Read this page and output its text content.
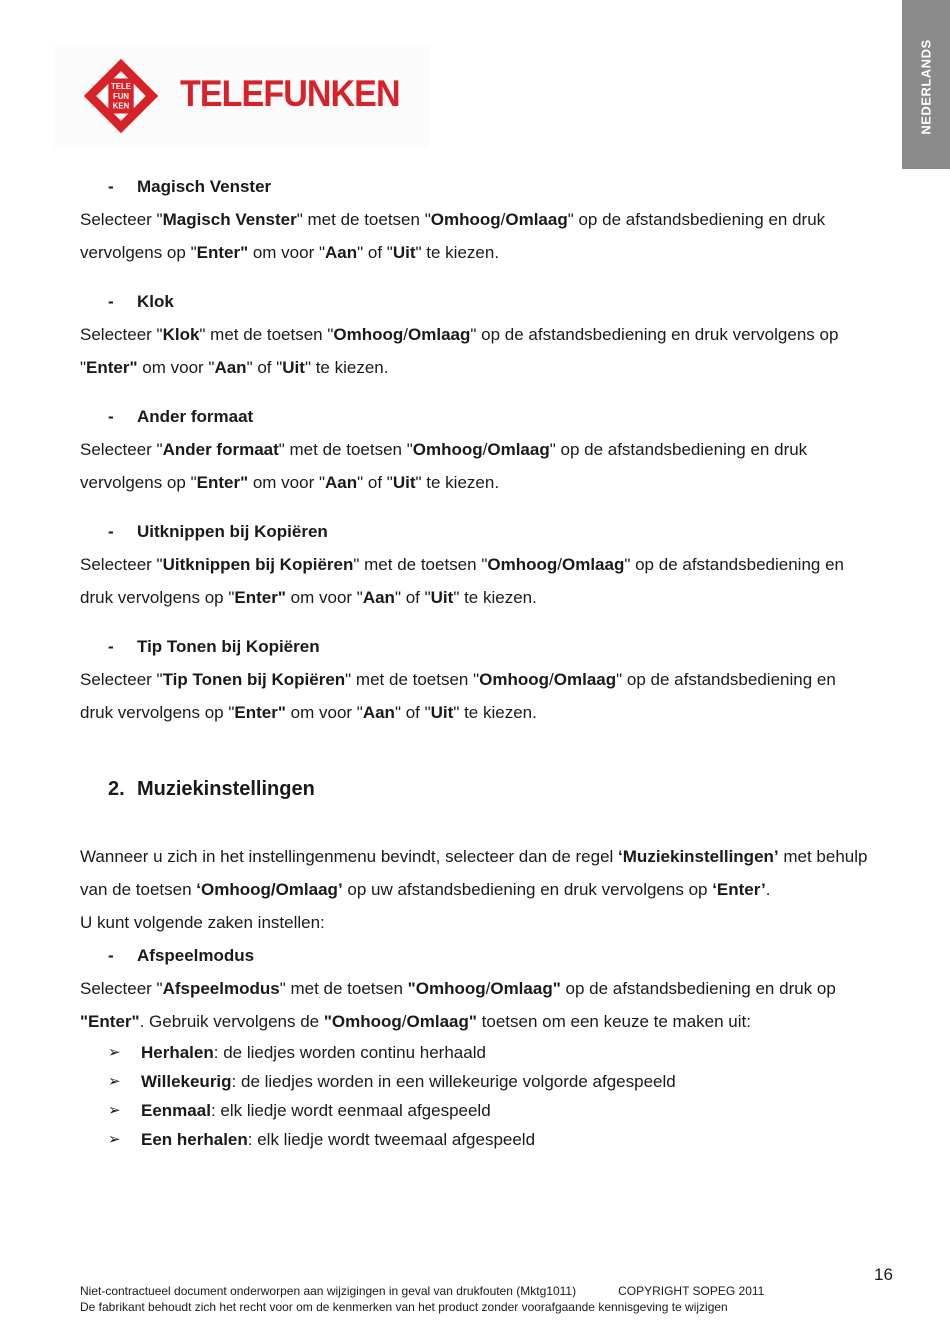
NEDERLANDS
TELE
FUN
KEN TELEFUNKEN
- Magisch Venster
Selecteer "Magisch Venster" met de toetsen "Omhoog/Omlaag" op de afstandsbediening en druk
vervolgens op "Enter" om voor "Aan" of "Uit" te kiezen.
- Klok
Selecteer "Klok" met de toetsen "Omhoog/Omlaag" op de afstandsbediening en druk vervolgens op
"Enter" om voor "Aan" of "Uit" te kiezen.
- Ander formaat
Selecteer "Ander formaat" met de toetsen "Omhoog/Omlaag" op de afstandsbediening en druk
vervolgens op "Enter" om voor "Aan" of "Uit" te kiezen.
- Uitknippen bij Kopiëren
Selecteer "Uitknippen bij Kopiëren" met de toetsen "Omhoog/Omlaag" op de afstandsbediening en
druk vervolgens op "Enter" om voor "Aan" of "Uit" te kiezen.
- Tip Tonen bij Kopiëren
Selecteer "Tip Tonen bij Kopiëren" met de toetsen "Omhoog/Omlaag" op de afstandsbediening en
druk vervolgens op "Enter" om voor "Aan" of "Uit" te kiezen.
2. Muziekinstellingen
Wanneer u zich in het instellingenmenu bevindt, selecteer dan de regel ‘Muziekinstellingen’ met behulp
van de toetsen ‘Omhoog/Omlaag’ op uw afstandsbediening en druk vervolgens op ‘Enter’.
U kunt volgende zaken instellen:
- Afspeelmodus
Selecteer "Afspeelmodus" met de toetsen "Omhoog/Omlaag" op de afstandsbediening en druk op
"Enter". Gebruik vervolgens de "Omhoog/Omlaag" toetsen om een keuze te maken uit:
➢ Herhalen: de liedjes worden continu herhaald
➢ Willekeurig: de liedjes worden in een willekeurige volgorde afgespeeld
➢ Eenmaal: elk liedje wordt eenmaal afgespeeld
➢ Een herhalen: elk liedje wordt tweemaal afgespeeld
16
Niet-contractueel document onderworpen aan wijzigingen in geval van drukfouten (Mktg1011)	COPYRIGHT SOPEG 2011
De fabrikant behoudt zich het recht voor om de kenmerken van het product zonder voorafgaande kennisgeving te wijzigen
